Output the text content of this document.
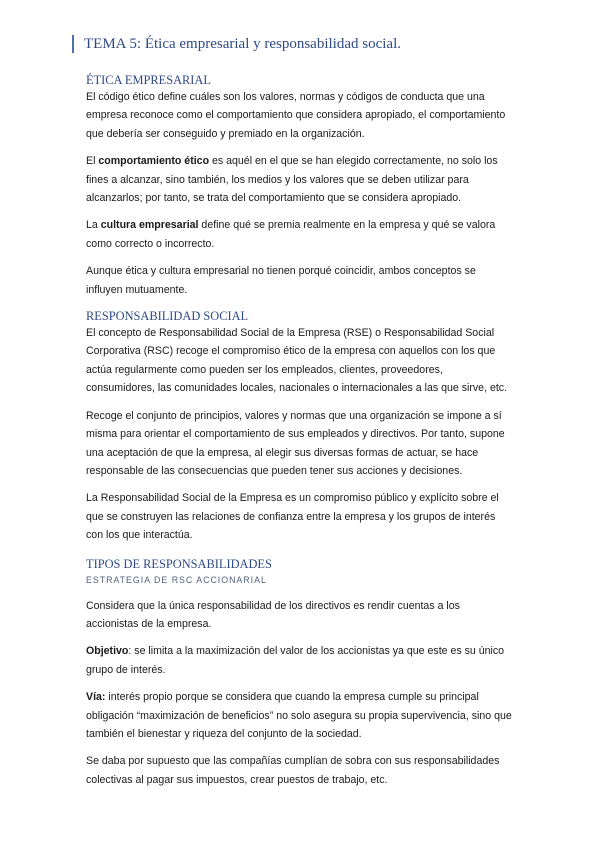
TEMA 5: Ética empresarial y responsabilidad social.
ÉTICA EMPRESARIAL

El código ético define cuáles son los valores, normas y códigos de conducta que una empresa reconoce como el comportamiento que considera apropiado, el comportamiento que debería ser conseguido y premiado en la organización.

El comportamiento ético es aquél en el que se han elegido correctamente, no solo los fines a alcanzar, sino también, los medios y los valores que se deben utilizar para alcanzarlos; por tanto, se trata del comportamiento que se considera apropiado.

La cultura empresarial define qué se premia realmente en la empresa y qué se valora como correcto o incorrecto.

Aunque ética y cultura empresarial no tienen porqué coincidir, ambos conceptos se influyen mutuamente.

RESPONSABILIDAD SOCIAL

El concepto de Responsabilidad Social de la Empresa (RSE) o Responsabilidad Social Corporativa (RSC) recoge el compromiso ético de la empresa con aquellos con los que actúa regularmente como pueden ser los empleados, clientes, proveedores, consumidores, las comunidades locales, nacionales o internacionales a las que sirve, etc.

Recoge el conjunto de principios, valores y normas que una organización se impone a sí misma para orientar el comportamiento de sus empleados y directivos. Por tanto, supone una aceptación de que la empresa, al elegir sus diversas formas de actuar, se hace responsable de las consecuencias que pueden tener sus acciones y decisiones.

La Responsabilidad Social de la Empresa es un compromiso público y explícito sobre el que se construyen las relaciones de confianza entre la empresa y los grupos de interés con los que interactúa.

TIPOS DE RESPONSABILIDADES
ESTRATEGIA DE RSC ACCIONARIAL

Considera que la única responsabilidad de los directivos es rendir cuentas a los accionistas de la empresa.

Objetivo: se limita a la maximización del valor de los accionistas ya que este es su único grupo de interés.

Vía: interés propio porque se considera que cuando la empresa cumple su principal obligación “maximización de beneficios” no solo asegura su propia supervivencia, sino que también el bienestar y riqueza del conjunto de la sociedad.

Se daba por supuesto que las compañías cumplían de sobra con sus responsabilidades colectivas al pagar sus impuestos, crear puestos de trabajo, etc.
